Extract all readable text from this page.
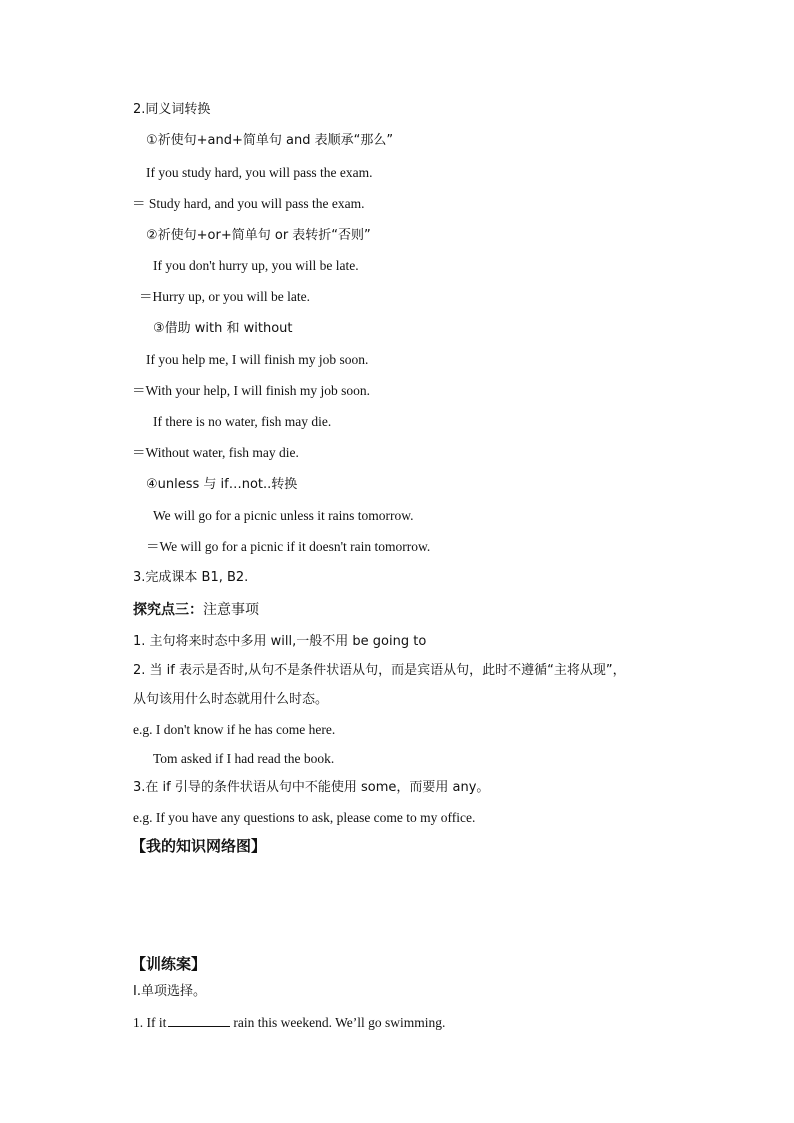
2.同义词转换
①祈使句+and+简单句 and 表顺承“那么”
If you study hard, you will pass the exam.
＝ Study hard, and you will pass the exam.
②祈使句+or+简单句 or 表转折“否则”
If you don't hurry up, you will be late.
＝Hurry up, or you will be late.
③借助 with 和 without
If you help me, I will finish my job soon.
＝With your help, I will finish my job soon.
If there is no water, fish may die.
＝Without water, fish may die.
④unless 与 if…not..转换
We will go for a picnic unless it rains tomorrow.
＝We will go for a picnic if it doesn't rain tomorrow.
3.完成课本 B1, B2.
探究点三：注意事项
1. 主句将来时态中多用 will,一般不用 be going to
2. 当 if 表示是否时,从句不是条件状语从句，而是宾语从句，此时不遵循“主将从现”，
从句该用什么时态就用什么时态。
e.g. I don't know if he has come here.
Tom asked if I had read the book.
3.在 if 引导的条件状语从句中不能使用 some，而要用 any。
e.g. If you have any questions to ask, please come to my office.
【我的知识网络图】
【训练案】
Ⅰ.单项选择。
1. If it	rain this weekend. We’ll go swimming.
